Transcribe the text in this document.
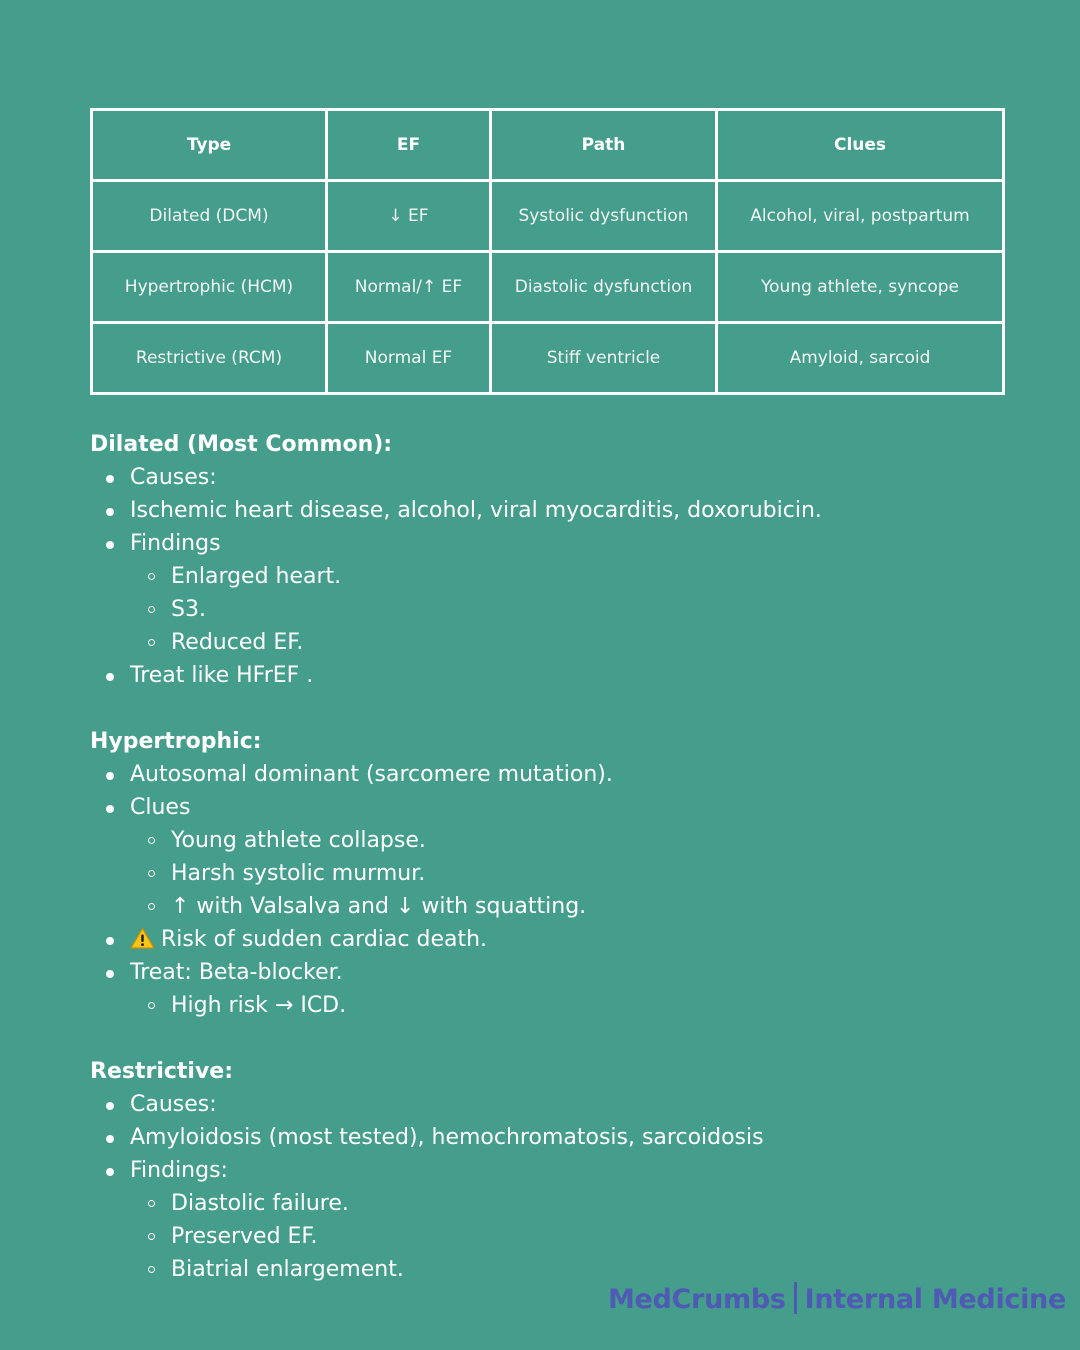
Type	EF	Path	Clues
Dilated (DCM)	↓ EF	Systolic dysfunction	Alcohol, viral, postpartum
Hypertrophic (HCM)	Normal/↑ EF	Diastolic dysfunction	Young athlete, syncope
Restrictive (RCM)	Normal EF	Stiff ventricle	Amyloid, sarcoid
Dilated (Most Common):
Causes:
Ischemic heart disease, alcohol, viral myocarditis, doxorubicin.
Findings
Enlarged heart.
S3.
Reduced EF.
Treat like HFrEF .
Hypertrophic:
Autosomal dominant (sarcomere mutation).
Clues
Young athlete collapse.
Harsh systolic murmur.
↑ with Valsalva and ↓ with squatting.
Risk of sudden cardiac death.
Treat: Beta-blocker.
High risk → ICD.
Restrictive:
Causes:
Amyloidosis (most tested), hemochromatosis, sarcoidosis
Findings:
Diastolic failure.
Preserved EF.
Biatrial enlargement.
MedCrumbs Internal Medicine
